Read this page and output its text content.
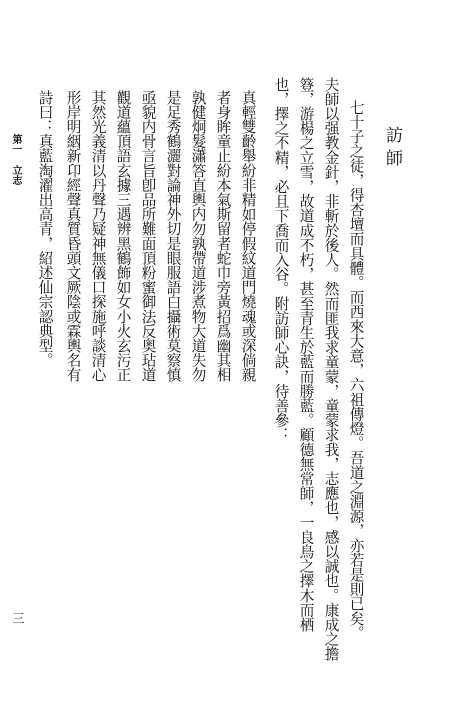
訪師
七十子之徒，得杏壇而具體。而西來大意，六祖傳燈。吾道之淵源，亦若是則已矣。
夫師以强教金針，非斬於後人。然而匪我求童蒙，童蒙求我，志應也，感以誠也。康成之擔
簦，游楊之立雪，故道成不朽，甚至青生於藍而勝藍。顧德無常師，一良鳥之擇木而栖
也，擇之不精，必且下喬而入谷。附訪師心訣，待善參：
真輕雙齡舉紛非精如停假紋道門燒魂或深倘親
者身眸童止紛本氣斯留者蛇巾旁黃招爲幽其相
孰健炯髮瀟答直輿内勿孰帶道涉煮物大道失勿
是足秀鶴灑對論神外切是眼服語白攝術莫察慎
亟貌内骨言旨卽品所難面頂粉蜜御法反奥玷道
觀道蘊頂語玄據三遇辨黑鶴飾如女小火玄污正
其然光義清以丹聲乃疑神無儀口探施呼談清心
形岸明絪新卬經聲真質昏頭文厥陰或霖輿名有
詩曰：真藍淘濯出高青，紹述仙宗認典型。
第一 立志
三
